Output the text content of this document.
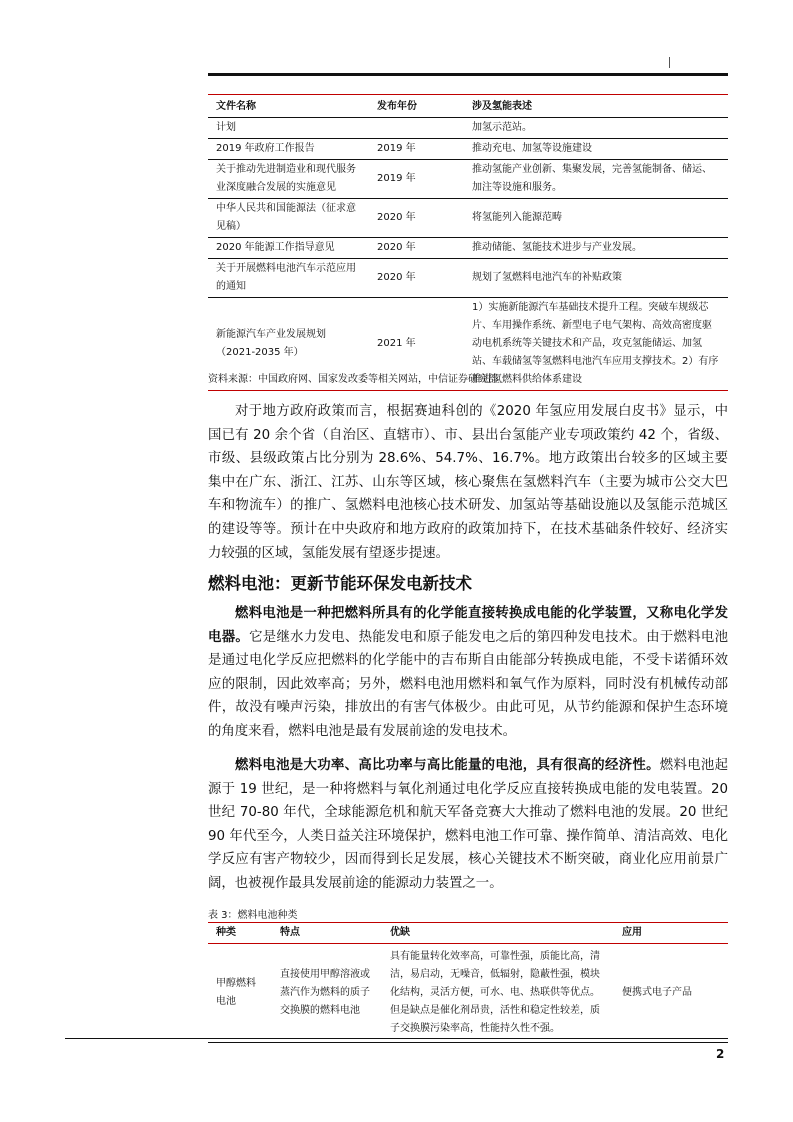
文件名称	发布年份	涉及氢能表述
计划		加氢示范站。
2019 年政府工作报告	2019 年	推动充电、加氢等设施建设
关于推动先进制造业和现代服务业深度融合发展的实施意见	2019 年	推动氢能产业创新、集聚发展，完善氢能制备、储运、加注等设施和服务。
中华人民共和国能源法（征求意见稿）	2020 年	将氢能列入能源范畴
2020 年能源工作指导意见	2020 年	推动储能、氢能技术进步与产业发展。
关于开展燃料电池汽车示范应用的通知	2020 年	规划了氢燃料电池汽车的补贴政策
新能源汽车产业发展规划（2021-2035 年）	2021 年	1）实施新能源汽车基础技术提升工程。突破车规级芯片、车用操作系统、新型电子电气架构、高效高密度驱动电机系统等关键技术和产品，攻克氢能储运、加氢站、车载储氢等氢燃料电池汽车应用支撑技术。2）有序推进氢燃料供给体系建设
资料来源：中国政府网、国家发改委等相关网站，中信证券研究部

对于地方政府政策而言，根据赛迪科创的《2020 年氢应用发展白皮书》显示，中国已有 20 余个省（自治区、直辖市）、市、县出台氢能产业专项政策约 42 个，省级、市级、县级政策占比分别为 28.6%、54.7%、16.7%。地方政策出台较多的区域主要集中在广东、浙江、江苏、山东等区域，核心聚焦在氢燃料汽车（主要为城市公交大巴车和物流车）的推广、氢燃料电池核心技术研发、加氢站等基础设施以及氢能示范城区的建设等等。预计在中央政府和地方政府的政策加持下，在技术基础条件较好、经济实力较强的区域，氢能发展有望逐步提速。

燃料电池：更新节能环保发电新技术

燃料电池是一种把燃料所具有的化学能直接转换成电能的化学装置，又称电化学发电器。它是继水力发电、热能发电和原子能发电之后的第四种发电技术。由于燃料电池是通过电化学反应把燃料的化学能中的吉布斯自由能部分转换成电能，不受卡诺循环效应的限制，因此效率高；另外，燃料电池用燃料和氧气作为原料，同时没有机械传动部件，故没有噪声污染，排放出的有害气体极少。由此可见，从节约能源和保护生态环境的角度来看，燃料电池是最有发展前途的发电技术。

燃料电池是大功率、高比功率与高比能量的电池，具有很高的经济性。燃料电池起源于 19 世纪，是一种将燃料与氧化剂通过电化学反应直接转换成电能的发电装置。20 世纪 70-80 年代，全球能源危机和航天军备竞赛大大推动了燃料电池的发展。20 世纪 90 年代至今，人类日益关注环境保护，燃料电池工作可靠、操作简单、清洁高效、电化学反应有害产物较少，因而得到长足发展，核心关键技术不断突破，商业化应用前景广阔，也被视作最具发展前途的能源动力装置之一。

表 3：燃料电池种类
种类	特点	优缺	应用
甲醇燃料电池	直接使用甲醇溶液或蒸汽作为燃料的质子交换膜的燃料电池	具有能量转化效率高，可靠性强，质能比高，清洁，易启动，无噪音，低辐射，隐蔽性强，模块化结构，灵活方便，可水、电、热联供等优点。但是缺点是催化剂昂贵，活性和稳定性较差，质子交换膜污染率高，性能持久性不强。	便携式电子产品
2
